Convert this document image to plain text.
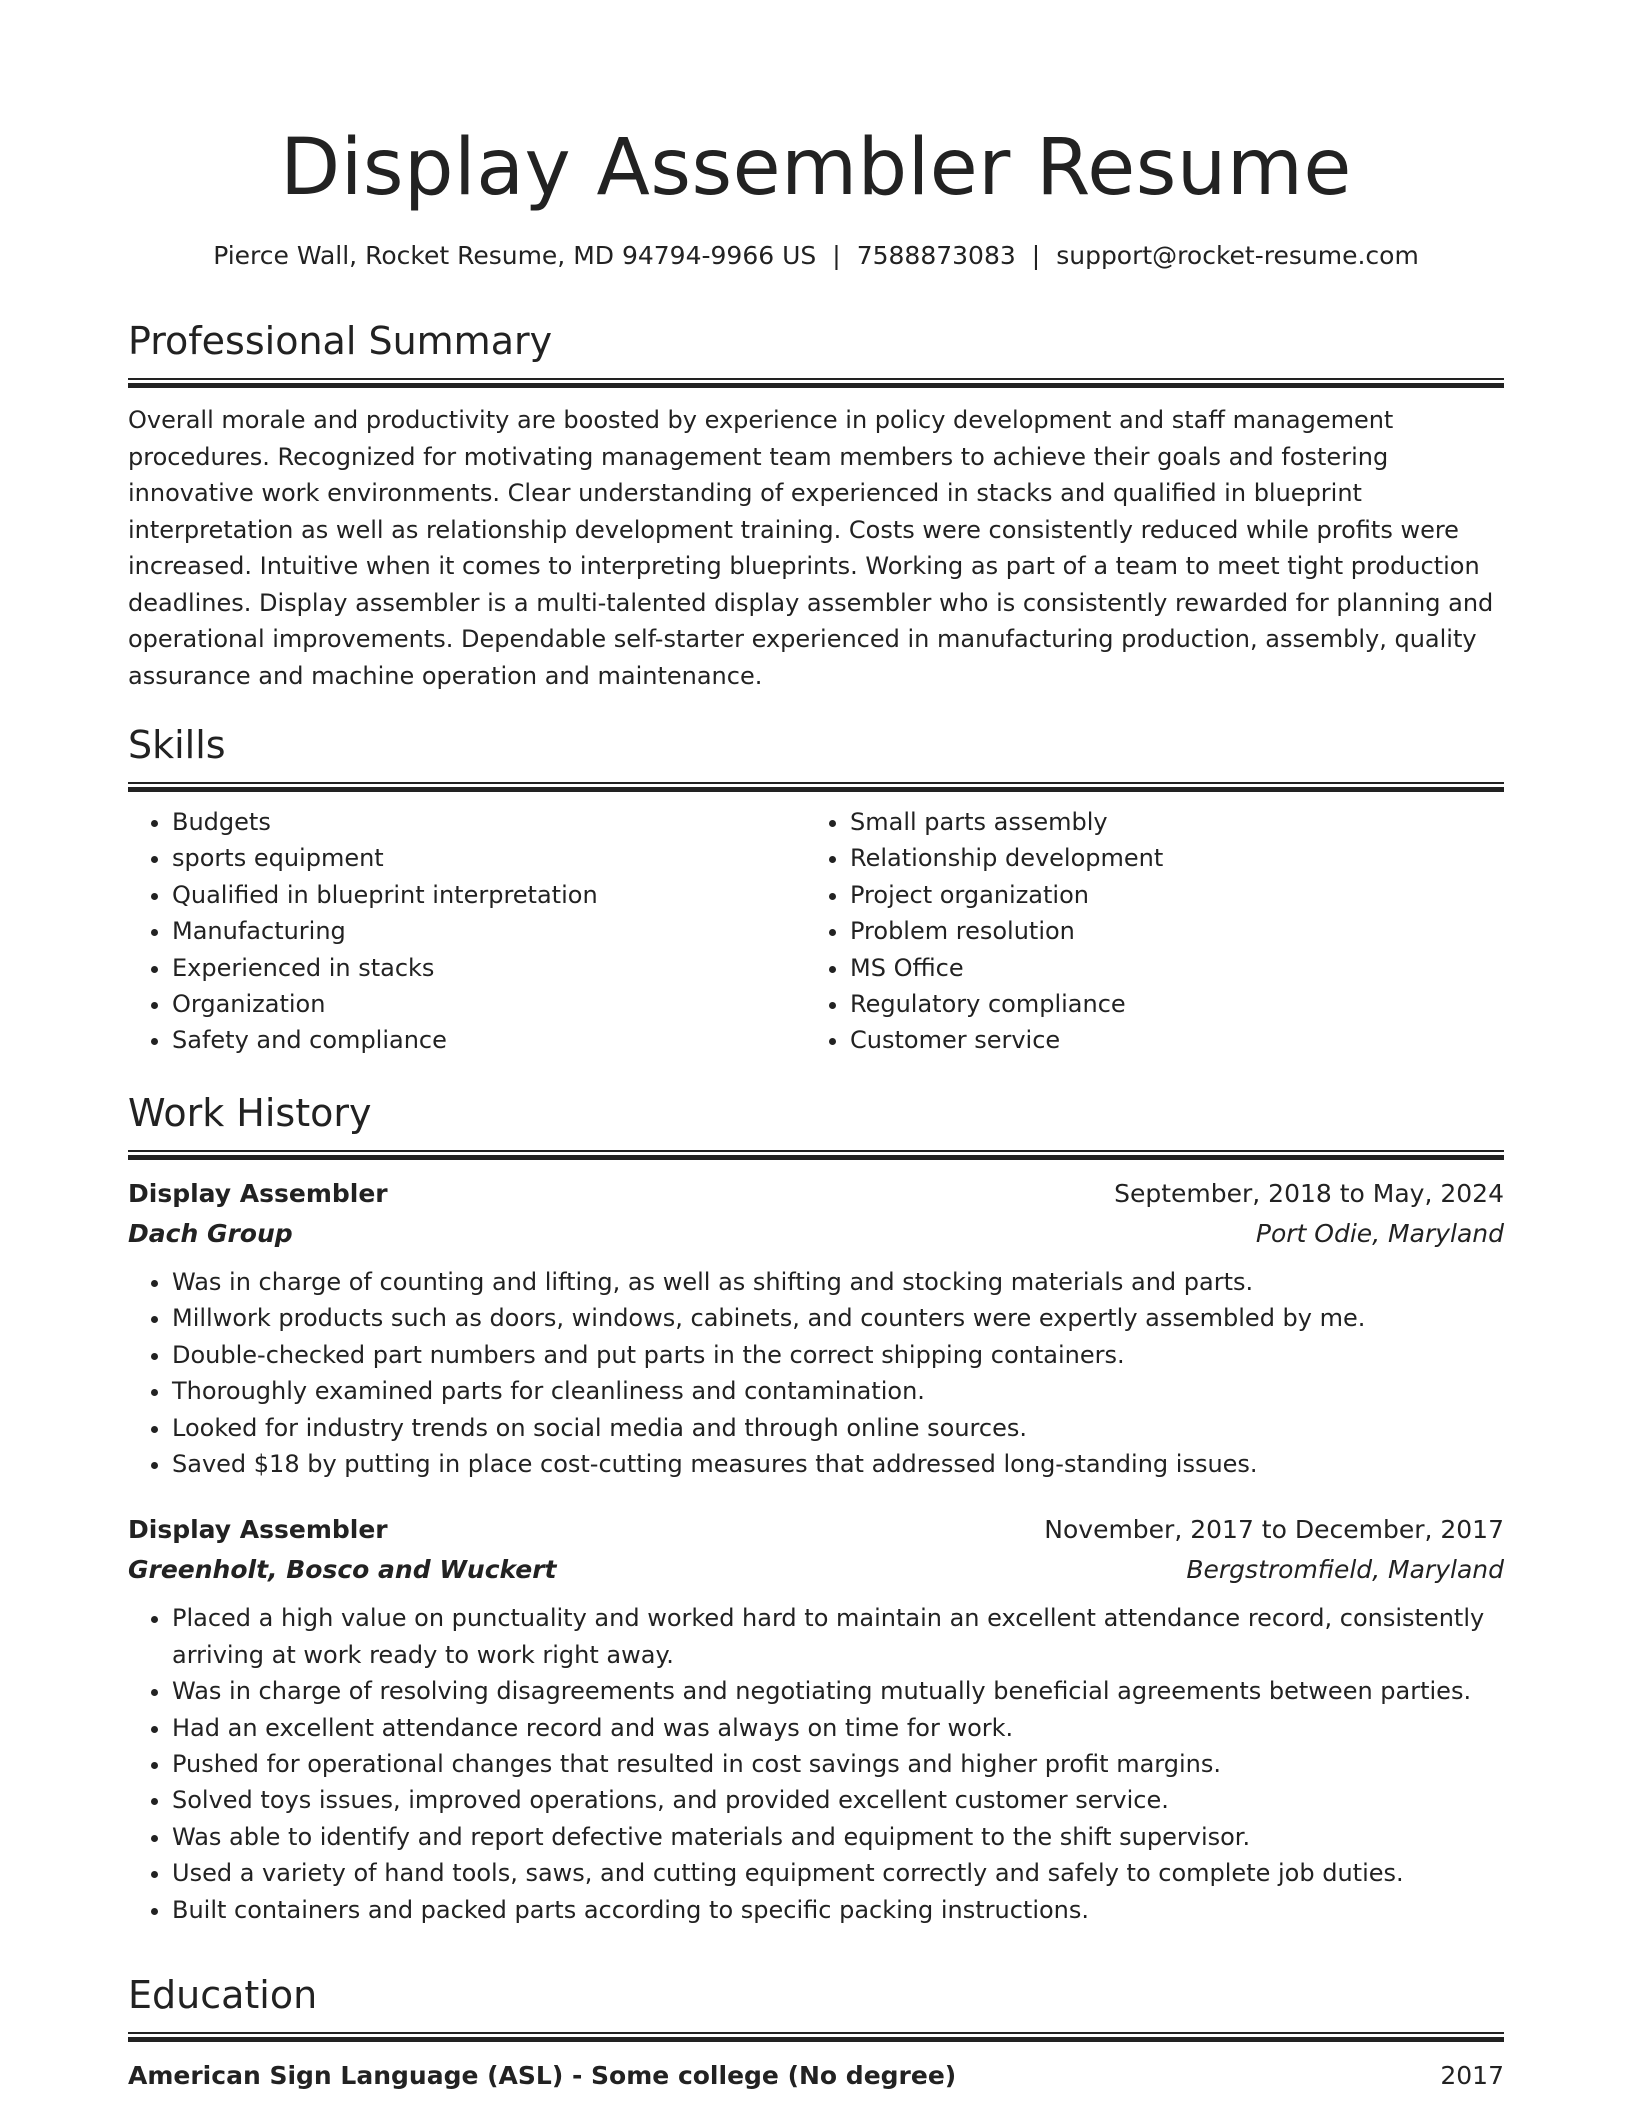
Display Assembler Resume
Pierce Wall, Rocket Resume, MD 94794-9966 US | 7588873083 | support@rocket-resume.com
Professional Summary

Overall morale and productivity are boosted by experience in policy development and staff management procedures. Recognized for motivating management team members to achieve their goals and fostering innovative work environments. Clear understanding of experienced in stacks and qualified in blueprint interpretation as well as relationship development training. Costs were consistently reduced while profits were increased. Intuitive when it comes to interpreting blueprints. Working as part of a team to meet tight production deadlines. Display assembler is a multi-talented display assembler who is consistently rewarded for planning and operational improvements. Dependable self-starter experienced in manufacturing production, assembly, quality assurance and machine operation and maintenance.

Skills
• Budgets
• sports equipment
• Qualified in blueprint interpretation
• Manufacturing
• Experienced in stacks
• Organization
• Safety and compliance
• Small parts assembly
• Relationship development
• Project organization
• Problem resolution
• MS Office
• Regulatory compliance
• Customer service
Work History
Display Assembler	September, 2018 to May, 2024
Dach Group	Port Odie, Maryland
• Was in charge of counting and lifting, as well as shifting and stocking materials and parts.
• Millwork products such as doors, windows, cabinets, and counters were expertly assembled by me.
• Double-checked part numbers and put parts in the correct shipping containers.
• Thoroughly examined parts for cleanliness and contamination.
• Looked for industry trends on social media and through online sources.
• Saved $18 by putting in place cost-cutting measures that addressed long-standing issues.
Display Assembler	November, 2017 to December, 2017
Greenholt, Bosco and Wuckert	Bergstromfield, Maryland
• Placed a high value on punctuality and worked hard to maintain an excellent attendance record, consistently arriving at work ready to work right away.
• Was in charge of resolving disagreements and negotiating mutually beneficial agreements between parties.
• Had an excellent attendance record and was always on time for work.
• Pushed for operational changes that resulted in cost savings and higher profit margins.
• Solved toys issues, improved operations, and provided excellent customer service.
• Was able to identify and report defective materials and equipment to the shift supervisor.
• Used a variety of hand tools, saws, and cutting equipment correctly and safely to complete job duties.
• Built containers and packed parts according to specific packing instructions.
Education
American Sign Language (ASL) - Some college (No degree)	2017
